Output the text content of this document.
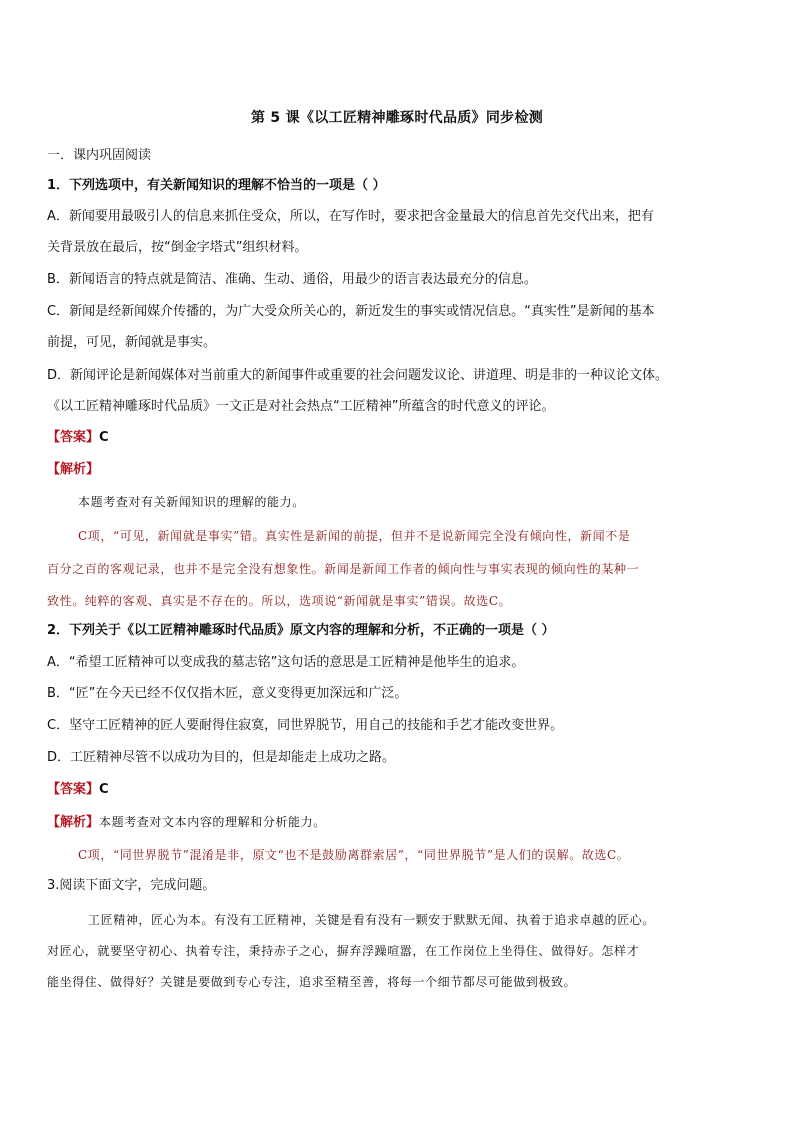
第 5 课《以工匠精神雕琢时代品质》同步检测
一．课内巩固阅读
1．下列选项中，有关新闻知识的理解不恰当的一项是（ ）
A．新闻要用最吸引人的信息来抓住受众，所以，在写作时，要求把含金量最大的信息首先交代出来，把有
关背景放在最后，按“倒金字塔式”组织材料。
B．新闻语言的特点就是简洁、准确、生动、通俗，用最少的语言表达最充分的信息。
C．新闻是经新闻媒介传播的，为广大受众所关心的，新近发生的事实或情况信息。“真实性”是新闻的基本
前提，可见，新闻就是事实。
D．新闻评论是新闻媒体对当前重大的新闻事件或重要的社会问题发议论、讲道理、明是非的一种议论文体。
《以工匠精神雕琢时代品质》一文正是对社会热点“工匠精神”所蕴含的时代意义的评论。
【答案】C
【解析】
本题考查对有关新闻知识的理解的能力。
C项，“可见，新闻就是事实”错。真实性是新闻的前提，但并不是说新闻完全没有倾向性，新闻不是
百分之百的客观记录，也并不是完全没有想象性。新闻是新闻工作者的倾向性与事实表现的倾向性的某种一
致性。纯粹的客观、真实是不存在的。所以，选项说“新闻就是事实”错误。故选C。
2．下列关于《以工匠精神雕琢时代品质》原文内容的理解和分析，不正确的一项是（ ）
A．“希望工匠精神可以变成我的墓志铭”这句话的意思是工匠精神是他毕生的追求。
B．“匠”在今天已经不仅仅指木匠，意义变得更加深远和广泛。
C．坚守工匠精神的匠人要耐得住寂寞，同世界脱节，用自己的技能和手艺才能改变世界。
D．工匠精神尽管不以成功为目的，但是却能走上成功之路。
【答案】C
【解析】本题考查对文本内容的理解和分析能力。
C项，“同世界脱节”混淆是非，原文“也不是鼓励离群索居”，“同世界脱节”是人们的误解。故选C。
3.阅读下面文字，完成问题。
工匠精神，匠心为本。有没有工匠精神，关键是看有没有一颗安于默默无闻、执着于追求卓越的匠心。
对匠心，就要坚守初心、执着专注，秉持赤子之心，摒弃浮躁喧嚣，在工作岗位上坐得住、做得好。怎样才
能坐得住、做得好？关键是要做到专心专注，追求至精至善，将每一个细节都尽可能做到极致。
